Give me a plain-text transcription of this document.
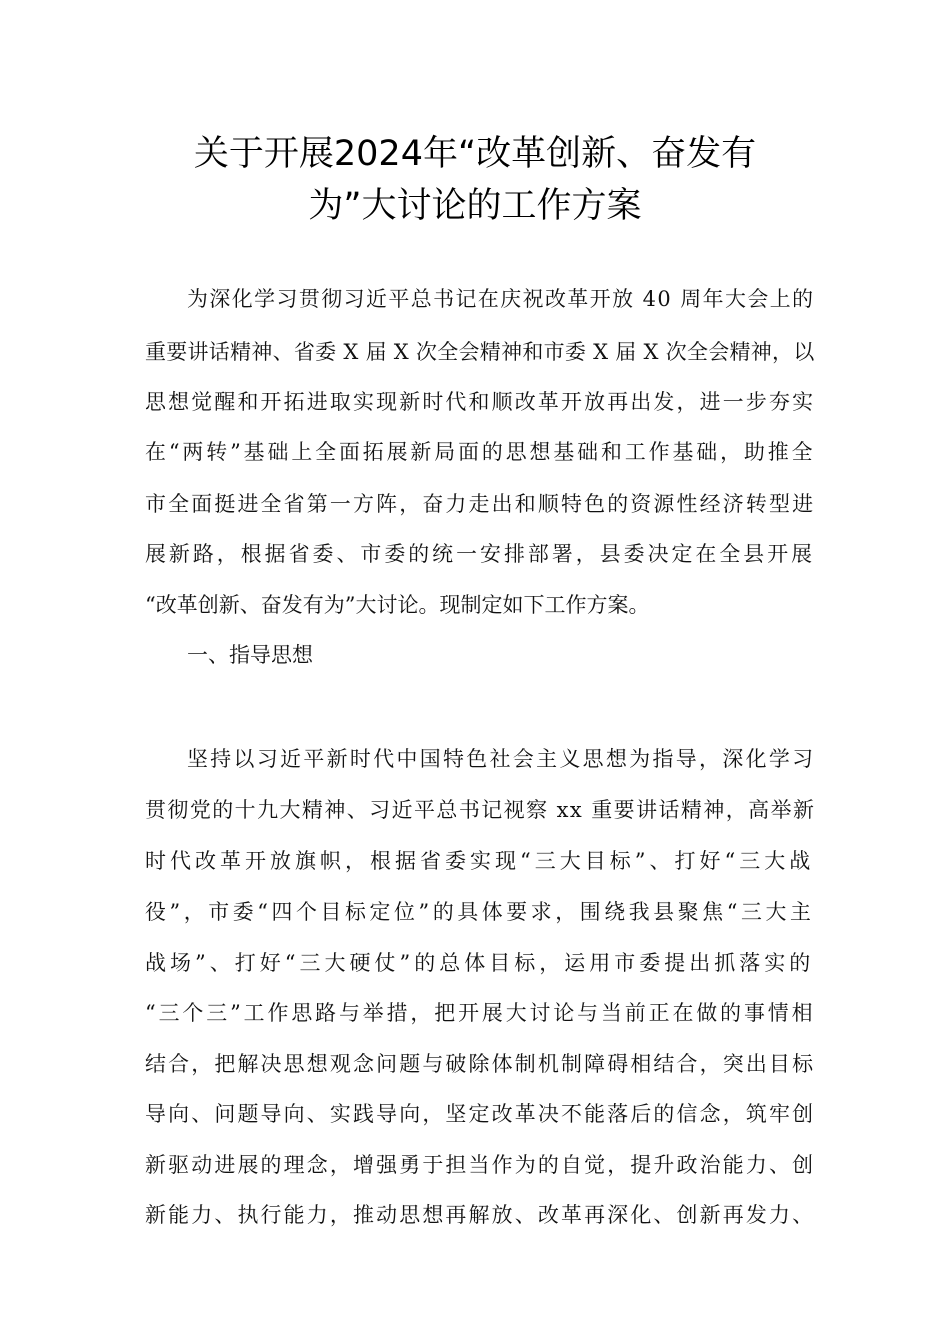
关于开展2024年“改革创新、奋发有
为”大讨论的工作方案
为深化学习贯彻习近平总书记在庆祝改革开放 40 周年大会上的
重要讲话精神、省委 X 届 X 次全会精神和市委 X 届 X 次全会精神，以
思想觉醒和开拓进取实现新时代和顺改革开放再出发，进一步夯实
在“两转”基础上全面拓展新局面的思想基础和工作基础，助推全
市全面挺进全省第一方阵，奋力走出和顺特色的资源性经济转型进
展新路，根据省委、市委的统一安排部署，县委决定在全县开展
“改革创新、奋发有为”大讨论。现制定如下工作方案。
一、指导思想
坚持以习近平新时代中国特色社会主义思想为指导，深化学习
贯彻党的十九大精神、习近平总书记视察 xx 重要讲话精神，高举新
时代改革开放旗帜，根据省委实现“三大目标”、打好“三大战
役”，市委“四个目标定位”的具体要求，围绕我县聚焦“三大主
战场”、打好“三大硬仗”的总体目标，运用市委提出抓落实的
“三个三”工作思路与举措，把开展大讨论与当前正在做的事情相
结合，把解决思想观念问题与破除体制机制障碍相结合，突出目标
导向、问题导向、实践导向，坚定改革决不能落后的信念，筑牢创
新驱动进展的理念，增强勇于担当作为的自觉，提升政治能力、创
新能力、执行能力，推动思想再解放、改革再深化、创新再发力、
